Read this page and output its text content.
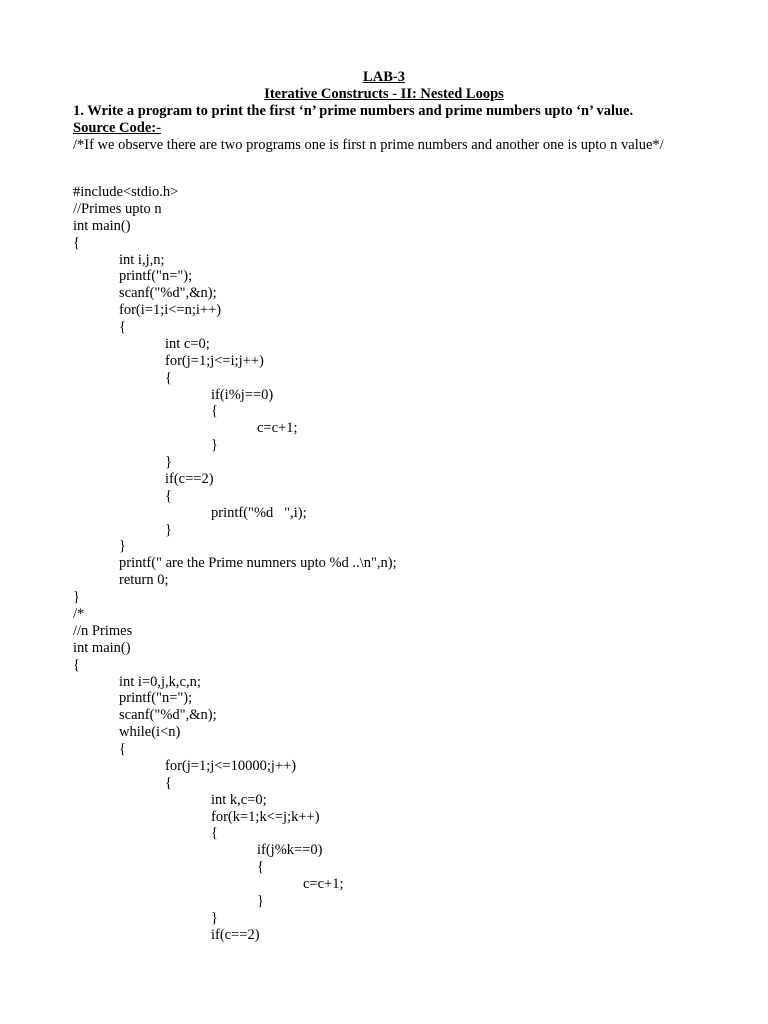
LAB-3
Iterative Constructs - II: Nested Loops
1. Write a program to print the first ‘n’ prime numbers and prime numbers upto ‘n’ value.
Source Code:-
/*If we observe there are two programs one is first n prime numbers and another one is upto n value*/
#include<stdio.h>
//Primes upto n
int main()
{
int i,j,n;
printf("n=");
scanf("%d",&n);
for(i=1;i<=n;i++)
{
int c=0;
for(j=1;j<=i;j++)
{
if(i%j==0)
{
c=c+1;
}
}
if(c==2)
{
printf("%d   ",i);
}
}
printf(" are the Prime numners upto %d ..\n",n);
return 0;
}
/*
//n Primes
int main()
{
int i=0,j,k,c,n;
printf("n=");
scanf("%d",&n);
while(i<n)
{
for(j=1;j<=10000;j++)
{
int k,c=0;
for(k=1;k<=j;k++)
{
if(j%k==0)
{
c=c+1;
}
}
if(c==2)
